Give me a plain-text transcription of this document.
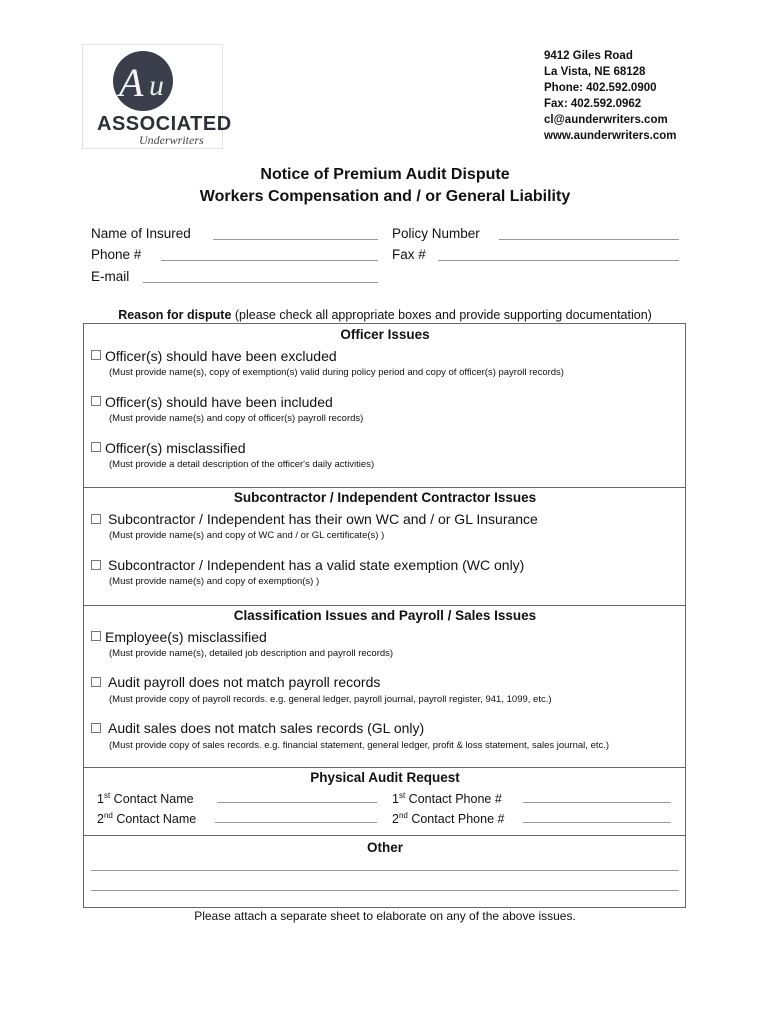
A u
ASSOCIATED
Underwriters
9412 Giles Road
La Vista, NE 68128
Phone: 402.592.0900
Fax: 402.592.0962
cl@aunderwriters.com
www.aunderwriters.com
Notice of Premium Audit Dispute
Workers Compensation and / or General Liability
Name of Insured	Policy Number
Phone #	Fax #
E-mail
Reason for dispute (please check all appropriate boxes and provide supporting documentation)
Officer Issues
Officer(s) should have been excluded
(Must provide name(s), copy of exemption(s) valid during policy period and copy of officer(s) payroll records)
Officer(s) should have been included
(Must provide name(s) and copy of officer(s) payroll records)
Officer(s) misclassified
(Must provide a detail description of the officer's daily activities)
Subcontractor / Independent Contractor Issues
Subcontractor / Independent has their own WC and / or GL Insurance
(Must provide name(s) and copy of WC and / or GL certificate(s) )
Subcontractor / Independent has a valid state exemption (WC only)
(Must provide name(s) and copy of exemption(s) )
Classification Issues and Payroll / Sales Issues
Employee(s) misclassified
(Must provide name(s), detailed job description and payroll records)
Audit payroll does not match payroll records
(Must provide copy of payroll records. e.g. general ledger, payroll journal, payroll register, 941, 1099, etc.)
Audit sales does not match sales records (GL only)
(Must provide copy of sales records. e.g. financial statement, general ledger, profit & loss statement, sales journal, etc.)
Physical Audit Request
1st Contact Name	1st Contact Phone #
2nd Contact Name	2nd Contact Phone #
Other
Please attach a separate sheet to elaborate on any of the above issues.
